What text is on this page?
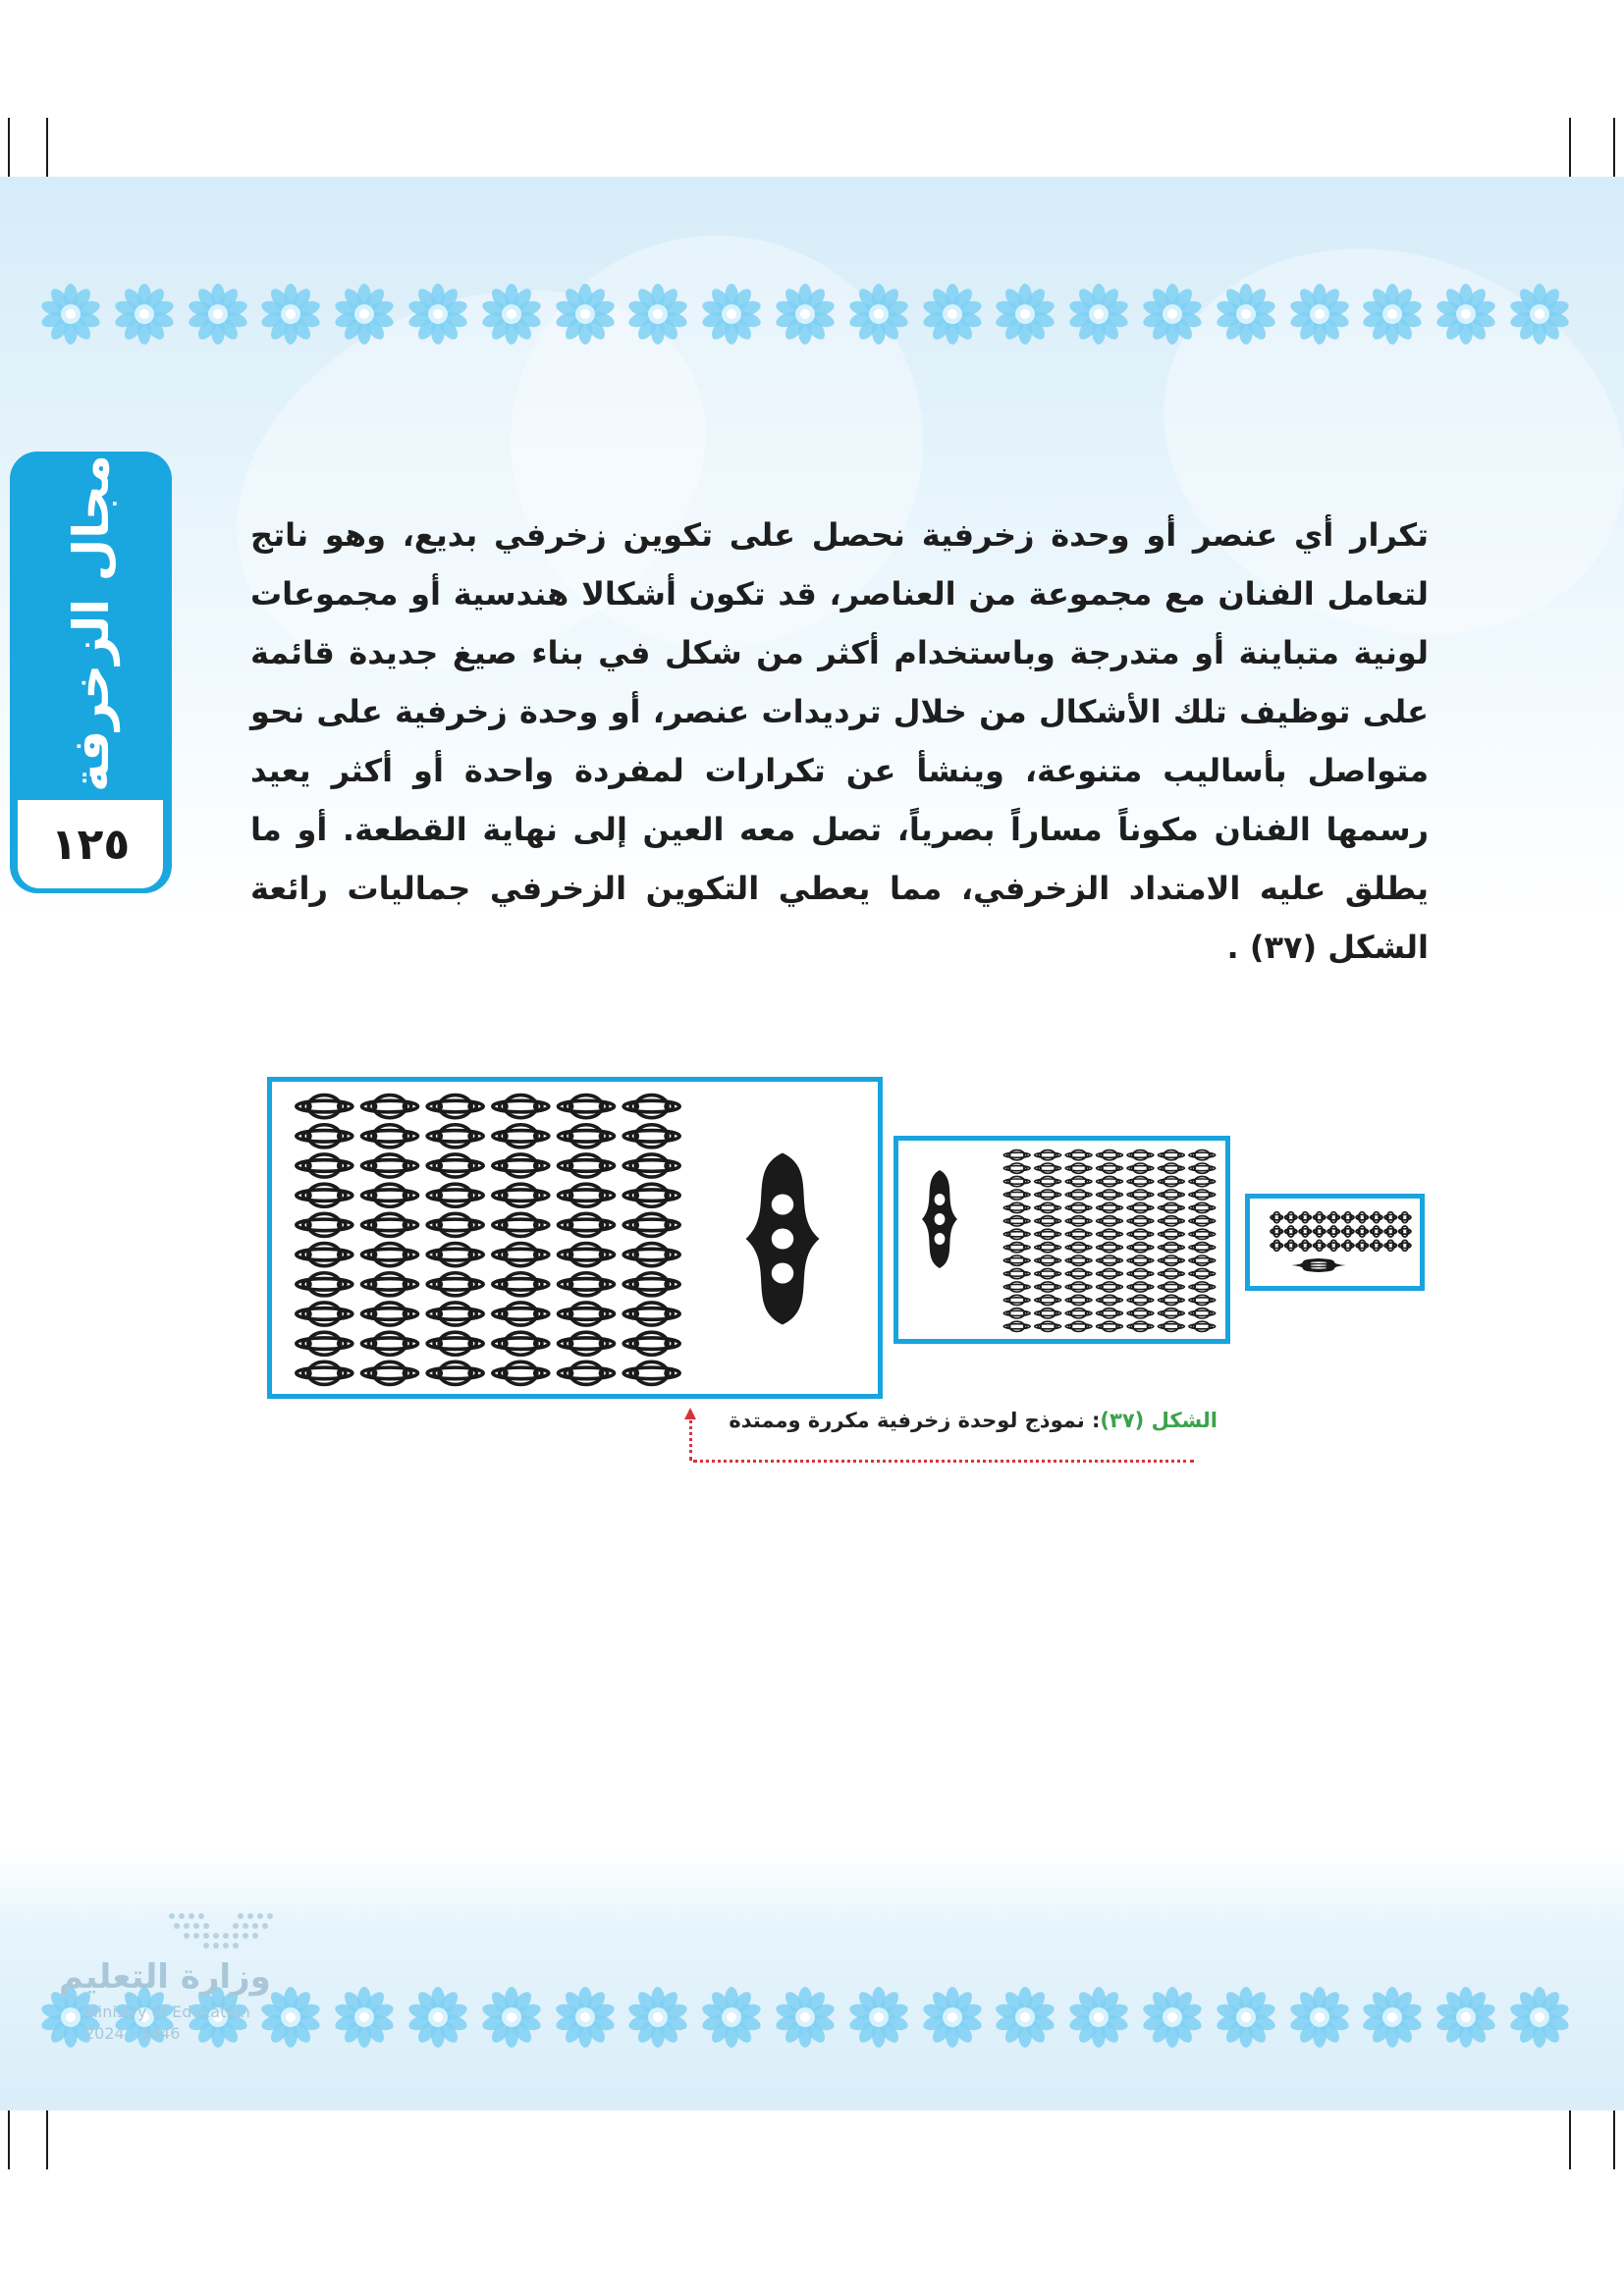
مجال الزخرفة
١٢٥
تكرار أي عنصر أو وحدة زخرفية نحصل على تكوين زخرفي بديع، وهو ناتج لتعامل الفنان مع مجموعة من العناصر، قد تكون أشكالا هندسية أو مجموعات لونية متباينة أو متدرجة وباستخدام أكثر من شكل في بناء صيغ جديدة قائمة على توظيف تلك الأشكال من خلال ترديدات عنصر، أو وحدة زخرفية على نحو متواصل بأساليب متنوعة، وينشأ عن تكرارات لمفردة واحدة أو أكثر يعيد رسمها الفنان مكوناً مساراً بصرياً، تصل معه العين إلى نهاية القطعة. أو ما يطلق عليه الامتداد الزخرفي، مما يعطي التكوين الزخرفي جماليات رائعة الشكل (٣٧) .
الشكل (٣٧): نموذج لوحدة زخرفية مكررة وممتدة
وزارة التعليم
Ministry of Education
2024 - 1446
